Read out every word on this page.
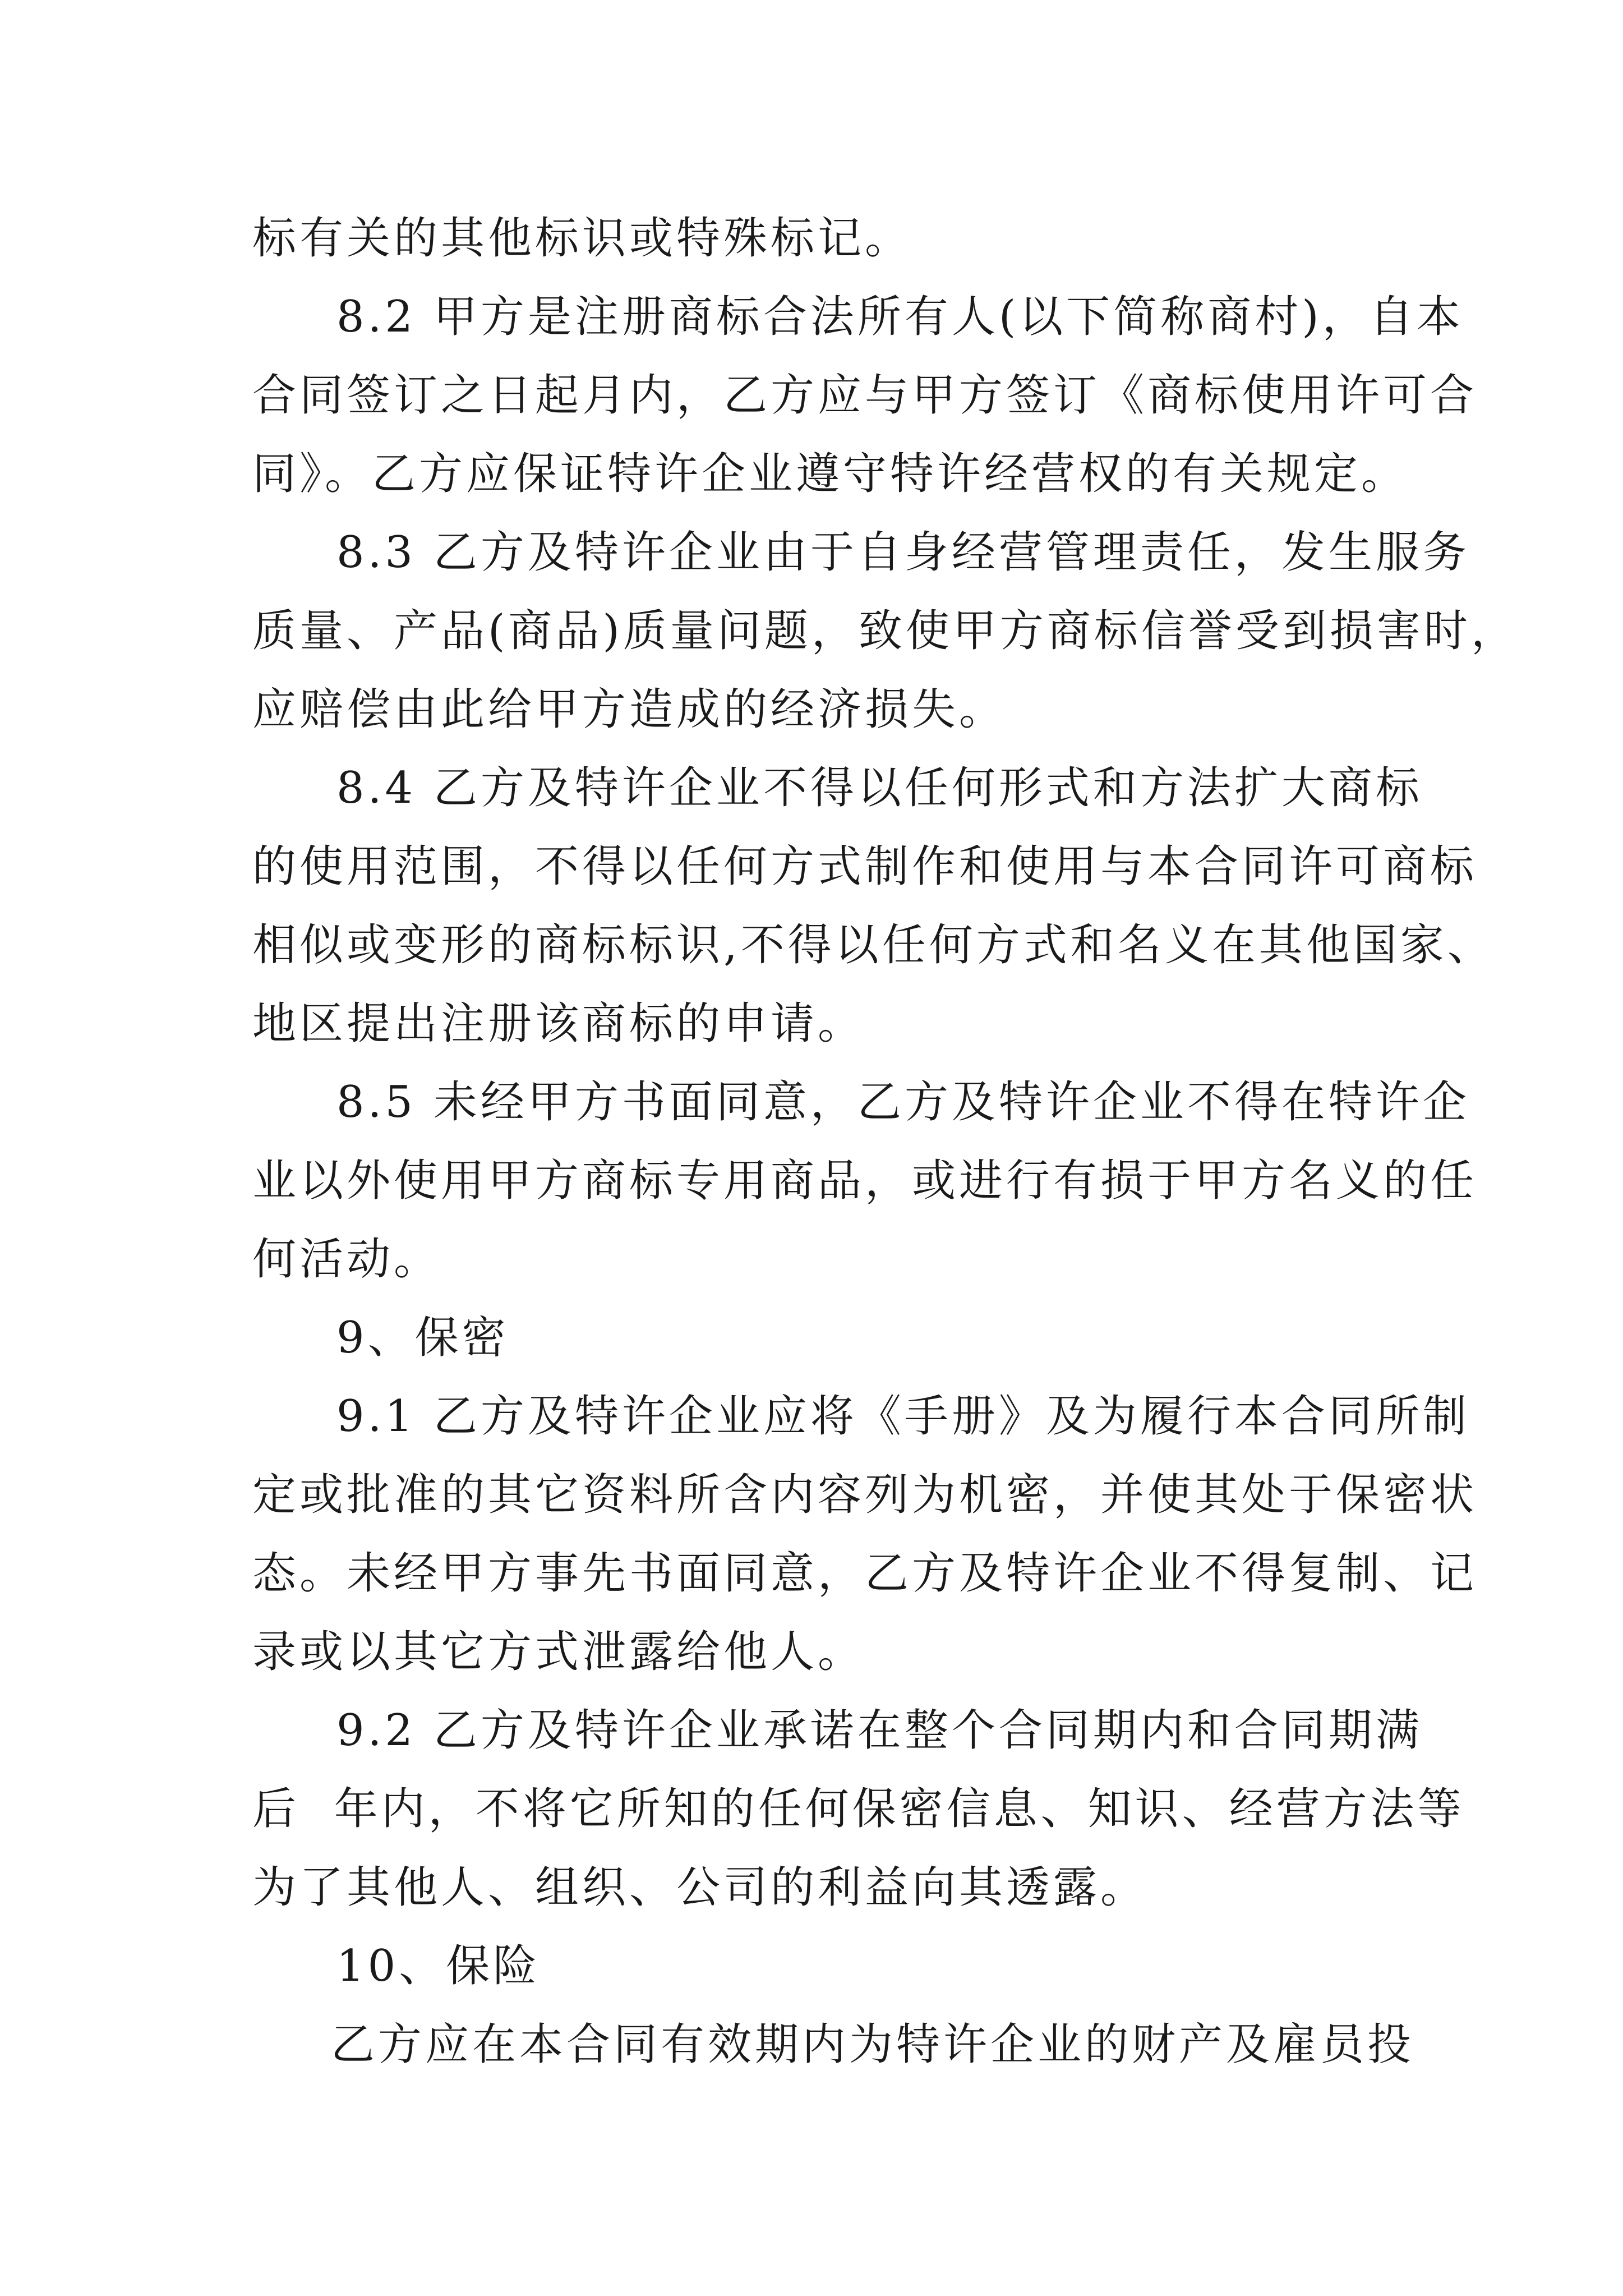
标有关的其他标识或特殊标记。

8.2 甲方是注册商标合法所有人(以下简称商村)，自本

合同签订之日起月内，乙方应与甲方签订《商标使用许可合

同》。乙方应保证特许企业遵守特许经营权的有关规定。

8.3 乙方及特许企业由于自身经营管理责任，发生服务

质量、产品(商品)质量问题，致使甲方商标信誉受到损害时，

应赔偿由此给甲方造成的经济损失。

8.4 乙方及特许企业不得以任何形式和方法扩大商标

的使用范围，不得以任何方式制作和使用与本合同许可商标

相似或变形的商标标识,不得以任何方式和名义在其他国家、

地区提出注册该商标的申请。

8.5 未经甲方书面同意，乙方及特许企业不得在特许企

业以外使用甲方商标专用商品，或进行有损于甲方名义的任

何活动。

9、保密

9.1 乙方及特许企业应将《手册》及为履行本合同所制

定或批准的其它资料所含内容列为机密，并使其处于保密状

态。未经甲方事先书面同意，乙方及特许企业不得复制、记

录或以其它方式泄露给他人。

9.2 乙方及特许企业承诺在整个合同期内和合同期满

后  年内，不将它所知的任何保密信息、知识、经营方法等

为了其他人、组织、公司的利益向其透露。

10、保险

乙方应在本合同有效期内为特许企业的财产及雇员投
